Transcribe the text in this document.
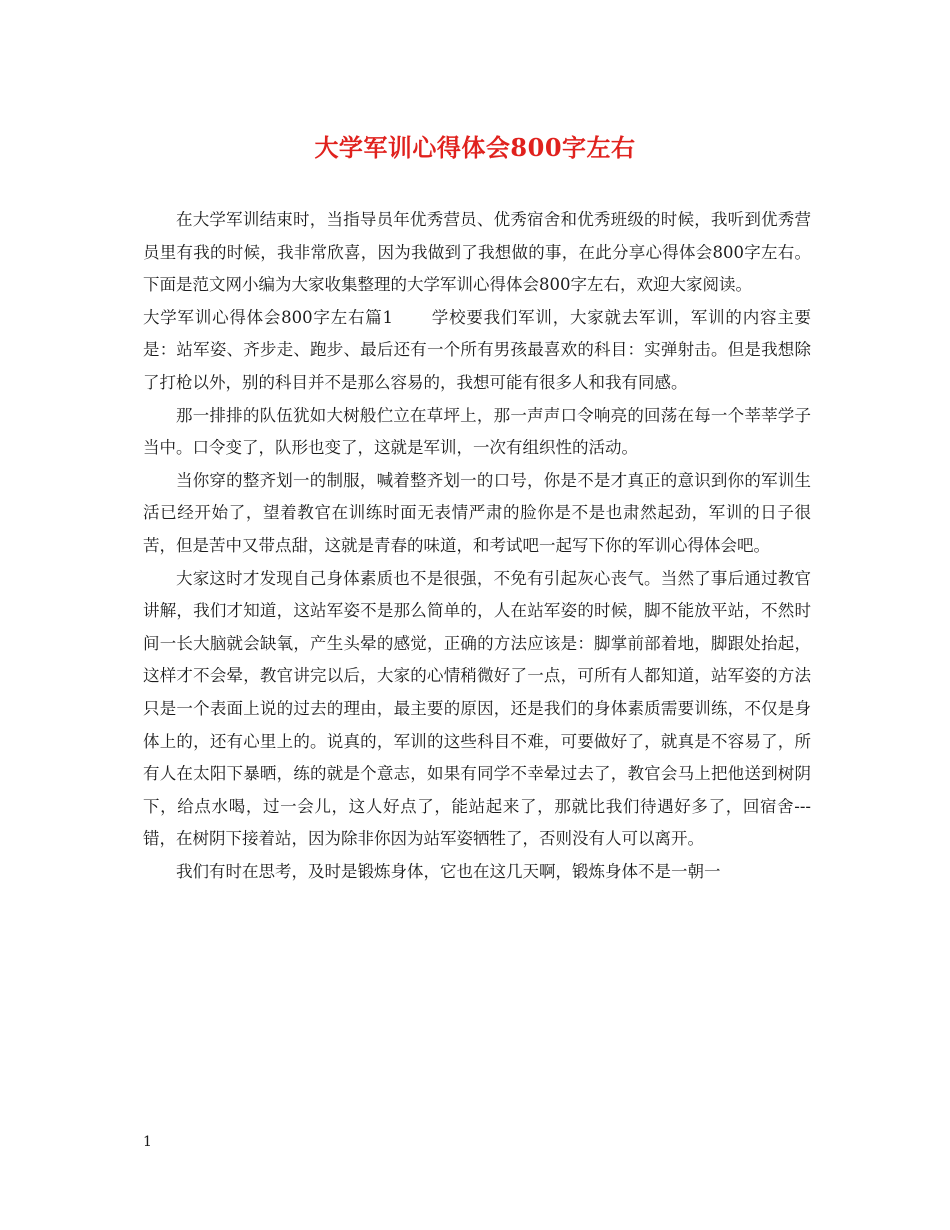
大学军训心得体会800字左右

在大学军训结束时，当指导员年优秀营员、优秀宿舍和优秀班级的时候，我听到优秀营员里有我的时候，我非常欣喜，因为我做到了我想做的事，在此分享心得体会800字左右。下面是范文网小编为大家收集整理的大学军训心得体会800字左右，欢迎大家阅读。

大学军训心得体会800字左右篇1 学校要我们军训，大家就去军训，军训的内容主要是：站军姿、齐步走、跑步、最后还有一个所有男孩最喜欢的科目：实弹射击。但是我想除了打枪以外，别的科目并不是那么容易的，我想可能有很多人和我有同感。

那一排排的队伍犹如大树般伫立在草坪上，那一声声口令响亮的回荡在每一个莘莘学子当中。口令变了，队形也变了，这就是军训，一次有组织性的活动。

当你穿的整齐划一的制服，喊着整齐划一的口号，你是不是才真正的意识到你的军训生活已经开始了，望着教官在训练时面无表情严肃的脸你是不是也肃然起劲，军训的日子很苦，但是苦中又带点甜，这就是青春的味道，和考试吧一起写下你的军训心得体会吧。

大家这时才发现自己身体素质也不是很强，不免有引起灰心丧气。当然了事后通过教官讲解，我们才知道，这站军姿不是那么简单的，人在站军姿的时候，脚不能放平站，不然时间一长大脑就会缺氧，产生头晕的感觉，正确的方法应该是：脚掌前部着地，脚跟处抬起，这样才不会晕，教官讲完以后，大家的心情稍微好了一点，可所有人都知道，站军姿的方法只是一个表面上说的过去的理由，最主要的原因，还是我们的身体素质需要训练，不仅是身体上的，还有心里上的。说真的，军训的这些科目不难，可要做好了，就真是不容易了，所有人在太阳下暴晒，练的就是个意志，如果有同学不幸晕过去了，教官会马上把他送到树阴下，给点水喝，过一会儿，这人好点了，能站起来了，那就比我们待遇好多了，回宿舍---错，在树阴下接着站，因为除非你因为站军姿牺牲了，否则没有人可以离开。

我们有时在思考，及时是锻炼身体，它也在这几天啊，锻炼身体不是一朝一

1
